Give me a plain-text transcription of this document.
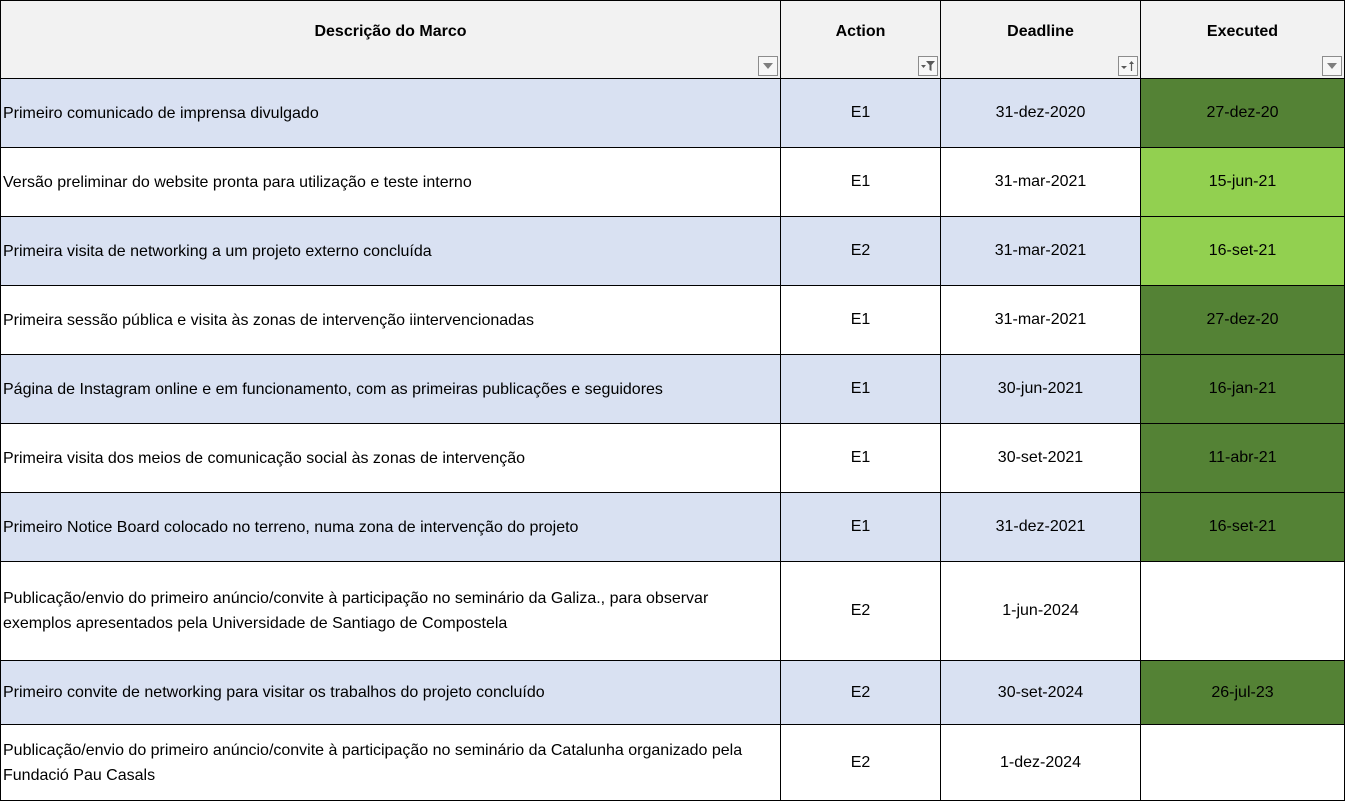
Descrição do Marco	Action	Deadline	Executed

Primeiro comunicado de imprensa divulgado	E1	31-dez-2020	27-dez-20
Versão preliminar do website pronta para utilização e teste interno	E1	31-mar-2021	15-jun-21
Primeira visita de networking a um projeto externo concluída	E2	31-mar-2021	16-set-21
Primeira sessão pública e visita às zonas de intervenção iintervencionadas	E1	31-mar-2021	27-dez-20
Página de Instagram online e em funcionamento, com as primeiras publicações e seguidores	E1	30-jun-2021	16-jan-21
Primeira visita dos meios de comunicação social às zonas de intervenção	E1	30-set-2021	11-abr-21
Primeiro Notice Board colocado no terreno, numa zona de intervenção do projeto	E1	31-dez-2021	16-set-21
Publicação/envio do primeiro anúncio/convite à participação no seminário da Galiza., para observar exemplos apresentados pela Universidade de Santiago de Compostela	E2	1-jun-2024	
Primeiro convite de networking para visitar os trabalhos do projeto concluído	E2	30-set-2024	26-jul-23
Publicação/envio do primeiro anúncio/convite à participação no seminário da Catalunha organizado pela Fundació Pau Casals	E2	1-dez-2024	
